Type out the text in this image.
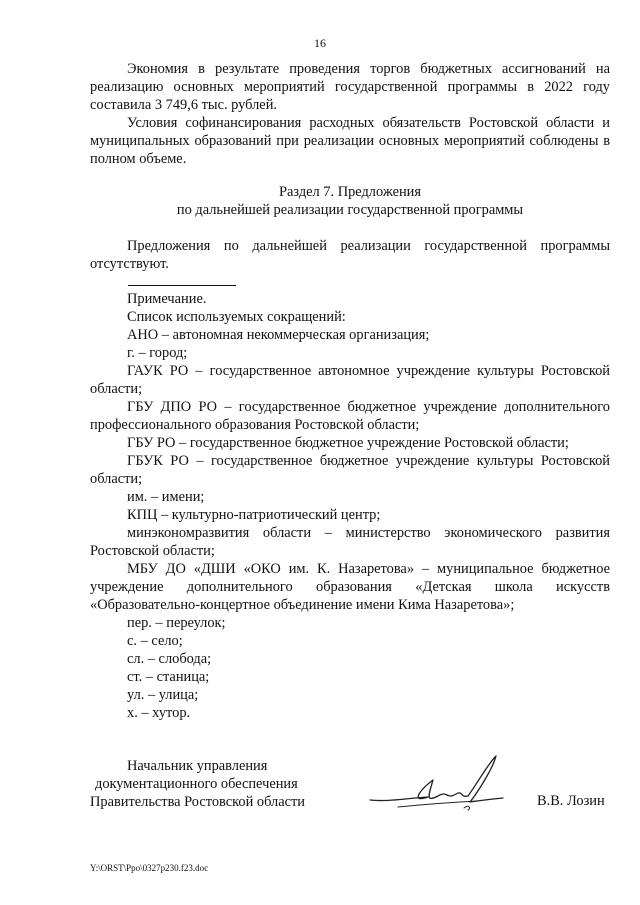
16

Экономия в результате проведения торгов бюджетных ассигнований на реализацию основных мероприятий государственной программы в 2022 году составила 3 749,6 тыс. рублей.

Условия софинансирования расходных обязательств Ростовской области и муниципальных образований при реализации основных мероприятий соблюдены в полном объеме.

Раздел 7. Предложения
по дальнейшей реализации государственной программы

Предложения по дальнейшей реализации государственной программы отсутствуют.

Примечание.

Список используемых сокращений:

АНО – автономная некоммерческая организация;

г. – город;

ГАУК РО – государственное автономное учреждение культуры Ростовской области;

ГБУ ДПО РО – государственное бюджетное учреждение дополнительного профессионального образования Ростовской области;

ГБУ РО – государственное бюджетное учреждение Ростовской области;

ГБУК РО – государственное бюджетное учреждение культуры Ростовской области;

им. – имени;

КПЦ – культурно-патриотический центр;

минэкономразвития области – министерство экономического развития Ростовской области;

МБУ ДО «ДШИ «ОКО им. К. Назаретова» – муниципальное бюджетное учреждение дополнительного образования «Детская школа искусств «Образовательно-концертное объединение имени Кима Назаретова»;

пер. – переулок;

с. – село;

сл. – слобода;

ст. – станица;

ул. – улица;

х. – хутор.

Начальник управления
документационного обеспечения
Правительства Ростовской области	В.В. Лозин
Y:\ORST\Ppo\0327p230.f23.doc
